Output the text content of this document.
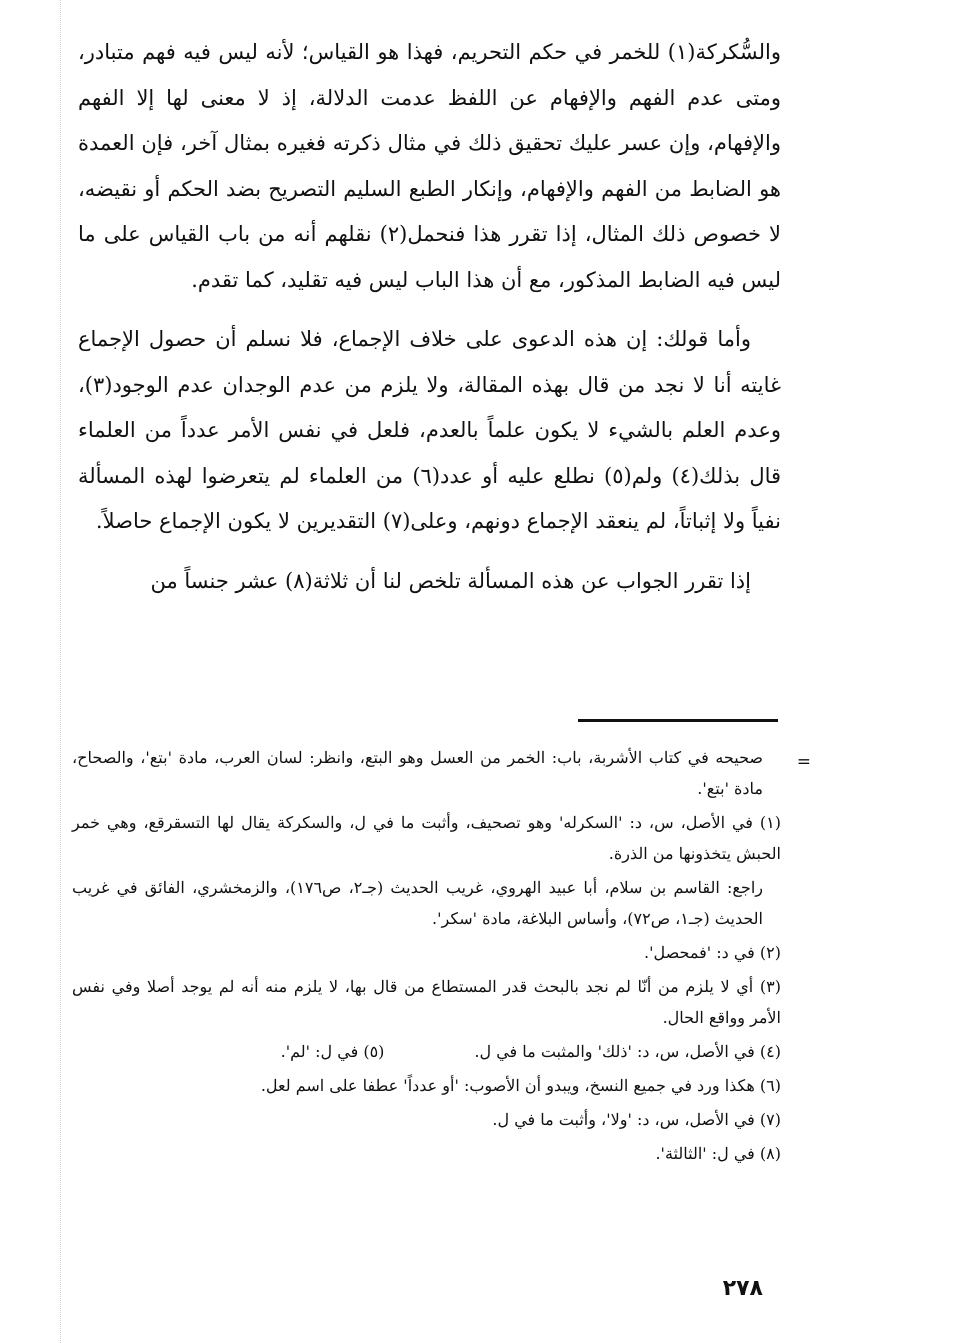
والسُّكركة(١) للخمر في حكم التحريم، فهذا هو القياس؛ لأنه ليس فيه فهم متبادر، ومتى عدم الفهم والإفهام عن اللفظ عدمت الدلالة، إذ لا معنى لها إلا الفهم والإفهام، وإن عسر عليك تحقيق ذلك في مثال ذكرته فغيره بمثال آخر، فإن العمدة هو الضابط من الفهم والإفهام، وإنكار الطبع السليم التصريح بضد الحكم أو نقيضه، لا خصوص ذلك المثال، إذا تقرر هذا فنحمل(٢) نقلهم أنه من باب القياس على ما ليس فيه الضابط المذكور، مع أن هذا الباب ليس فيه تقليد، كما تقدم.

وأما قولك: إن هذه الدعوى على خلاف الإجماع، فلا نسلم أن حصول الإجماع غايته أنا لا نجد من قال بهذه المقالة، ولا يلزم من عدم الوجدان عدم الوجود(٣)، وعدم العلم بالشيء لا يكون علماً بالعدم، فلعل في نفس الأمر عدداً من العلماء قال بذلك(٤) ولم(٥) نطلع عليه أو عدد(٦) من العلماء لم يتعرضوا لهذه المسألة نفياً ولا إثباتاً، لم ينعقد الإجماع دونهم، وعلى(٧) التقديرين لا يكون الإجماع حاصلاً.

إذا تقرر الجواب عن هذه المسألة تلخص لنا أن ثلاثة(٨) عشر جنساً من

=

صحيحه في كتاب الأشربة، باب: الخمر من العسل وهو البتع، وانظر: لسان العرب، مادة 'بتع'، والصحاح، مادة 'بتع'.

(١) في الأصل، س، د: 'السكرله' وهو تصحيف، وأثبت ما في ل، والسكركة يقال لها التسقرقع، وهي خمر الحبش يتخذونها من الذرة.

راجع: القاسم بن سلام، أبا عبيد الهروي، غريب الحديث (جـ٢، ص١٧٦)، والزمخشري، الفائق في غريب الحديث (جـ١، ص٧٢)، وأساس البلاغة، مادة 'سكر'.

(٢) في د: 'فمحصل'.

(٣) أي لا يلزم من أنّا لم نجد بالبحث قدر المستطاع من قال بها، لا يلزم منه أنه لم يوجد أصلا وفي نفس الأمر وواقع الحال.

(٤) في الأصل، س، د: 'ذلك' والمثبت ما في ل.
(٥) في ل: 'لم'.

(٦) هكذا ورد في جميع النسخ، ويبدو أن الأصوب: 'أو عدداً' عطفا على اسم لعل.

(٧) في الأصل، س، د: 'ولا'، وأثبت ما في ل.

(٨) في ل: 'الثالثة'.

٢٧٨
